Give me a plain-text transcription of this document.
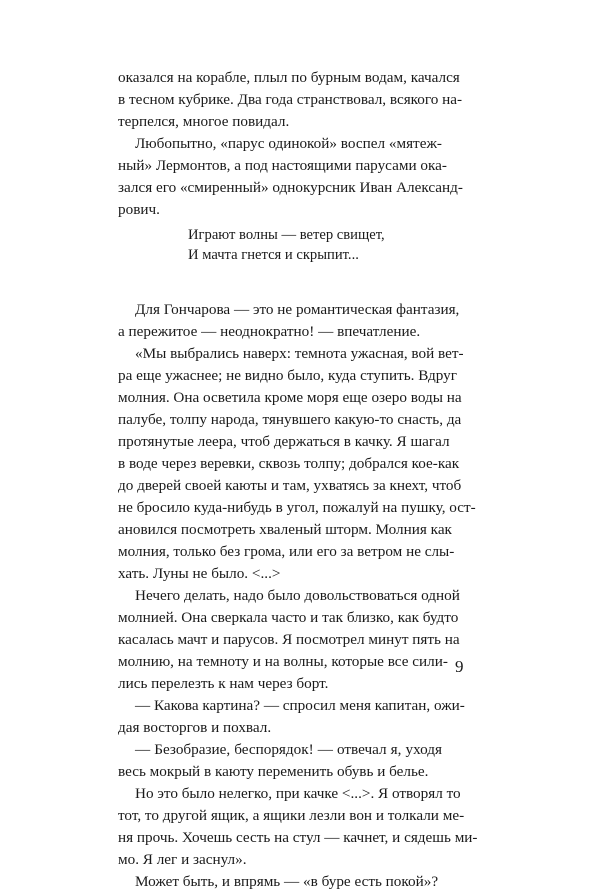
оказался на корабле, плыл по бурным водам, качался
в тесном кубрике. Два года странствовал, всякого на-
терпелся, многое повидал.
Любопытно, «парус одинокой» воспел «мятеж-
ный» Лермонтов, а под настоящими парусами ока-
зался его «смиренный» однокурсник Иван Александ-
рович.
Играют волны — ветер свищет,
И мачта гнется и скрыпит...
Для Гончарова — это не романтическая фантазия,
а пережитое — неоднократно! — впечатление.
«Мы выбрались наверх: темнота ужасная, вой вет-
ра еще ужаснее; не видно было, куда ступить. Вдруг
молния. Она осветила кроме моря еще озеро воды на
палубе, толпу народа, тянувшего какую-то снасть, да
протянутые леера, чтоб держаться в качку. Я шагал
в воде через веревки, сквозь толпу; добрался кое-как
до дверей своей каюты и там, ухватясь за кнехт, чтоб
не бросило куда-нибудь в угол, пожалуй на пушку, ост-
ановился посмотреть хваленый шторм. Молния как
молния, только без грома, или его за ветром не слы-
хать. Луны не было. <...>
Нечего делать, надо было довольствоваться одной
молнией. Она сверкала часто и так близко, как будто
касалась мачт и парусов. Я посмотрел минут пять на
молнию, на темноту и на волны, которые все сили-
лись перелезть к нам через борт.
— Какова картина? — спросил меня капитан, ожи-
дая восторгов и похвал.
— Безобразие, беспорядок! — отвечал я, уходя
весь мокрый в каюту переменить обувь и белье.
Но это было нелегко, при качке <...>. Я отворял то
тот, то другой ящик, а ящики лезли вон и толкали ме-
ня прочь. Хочешь сесть на стул — качнет, и сядешь ми-
мо. Я лег и заснул».
Может быть, и впрямь — «в буре есть покой»?
9
